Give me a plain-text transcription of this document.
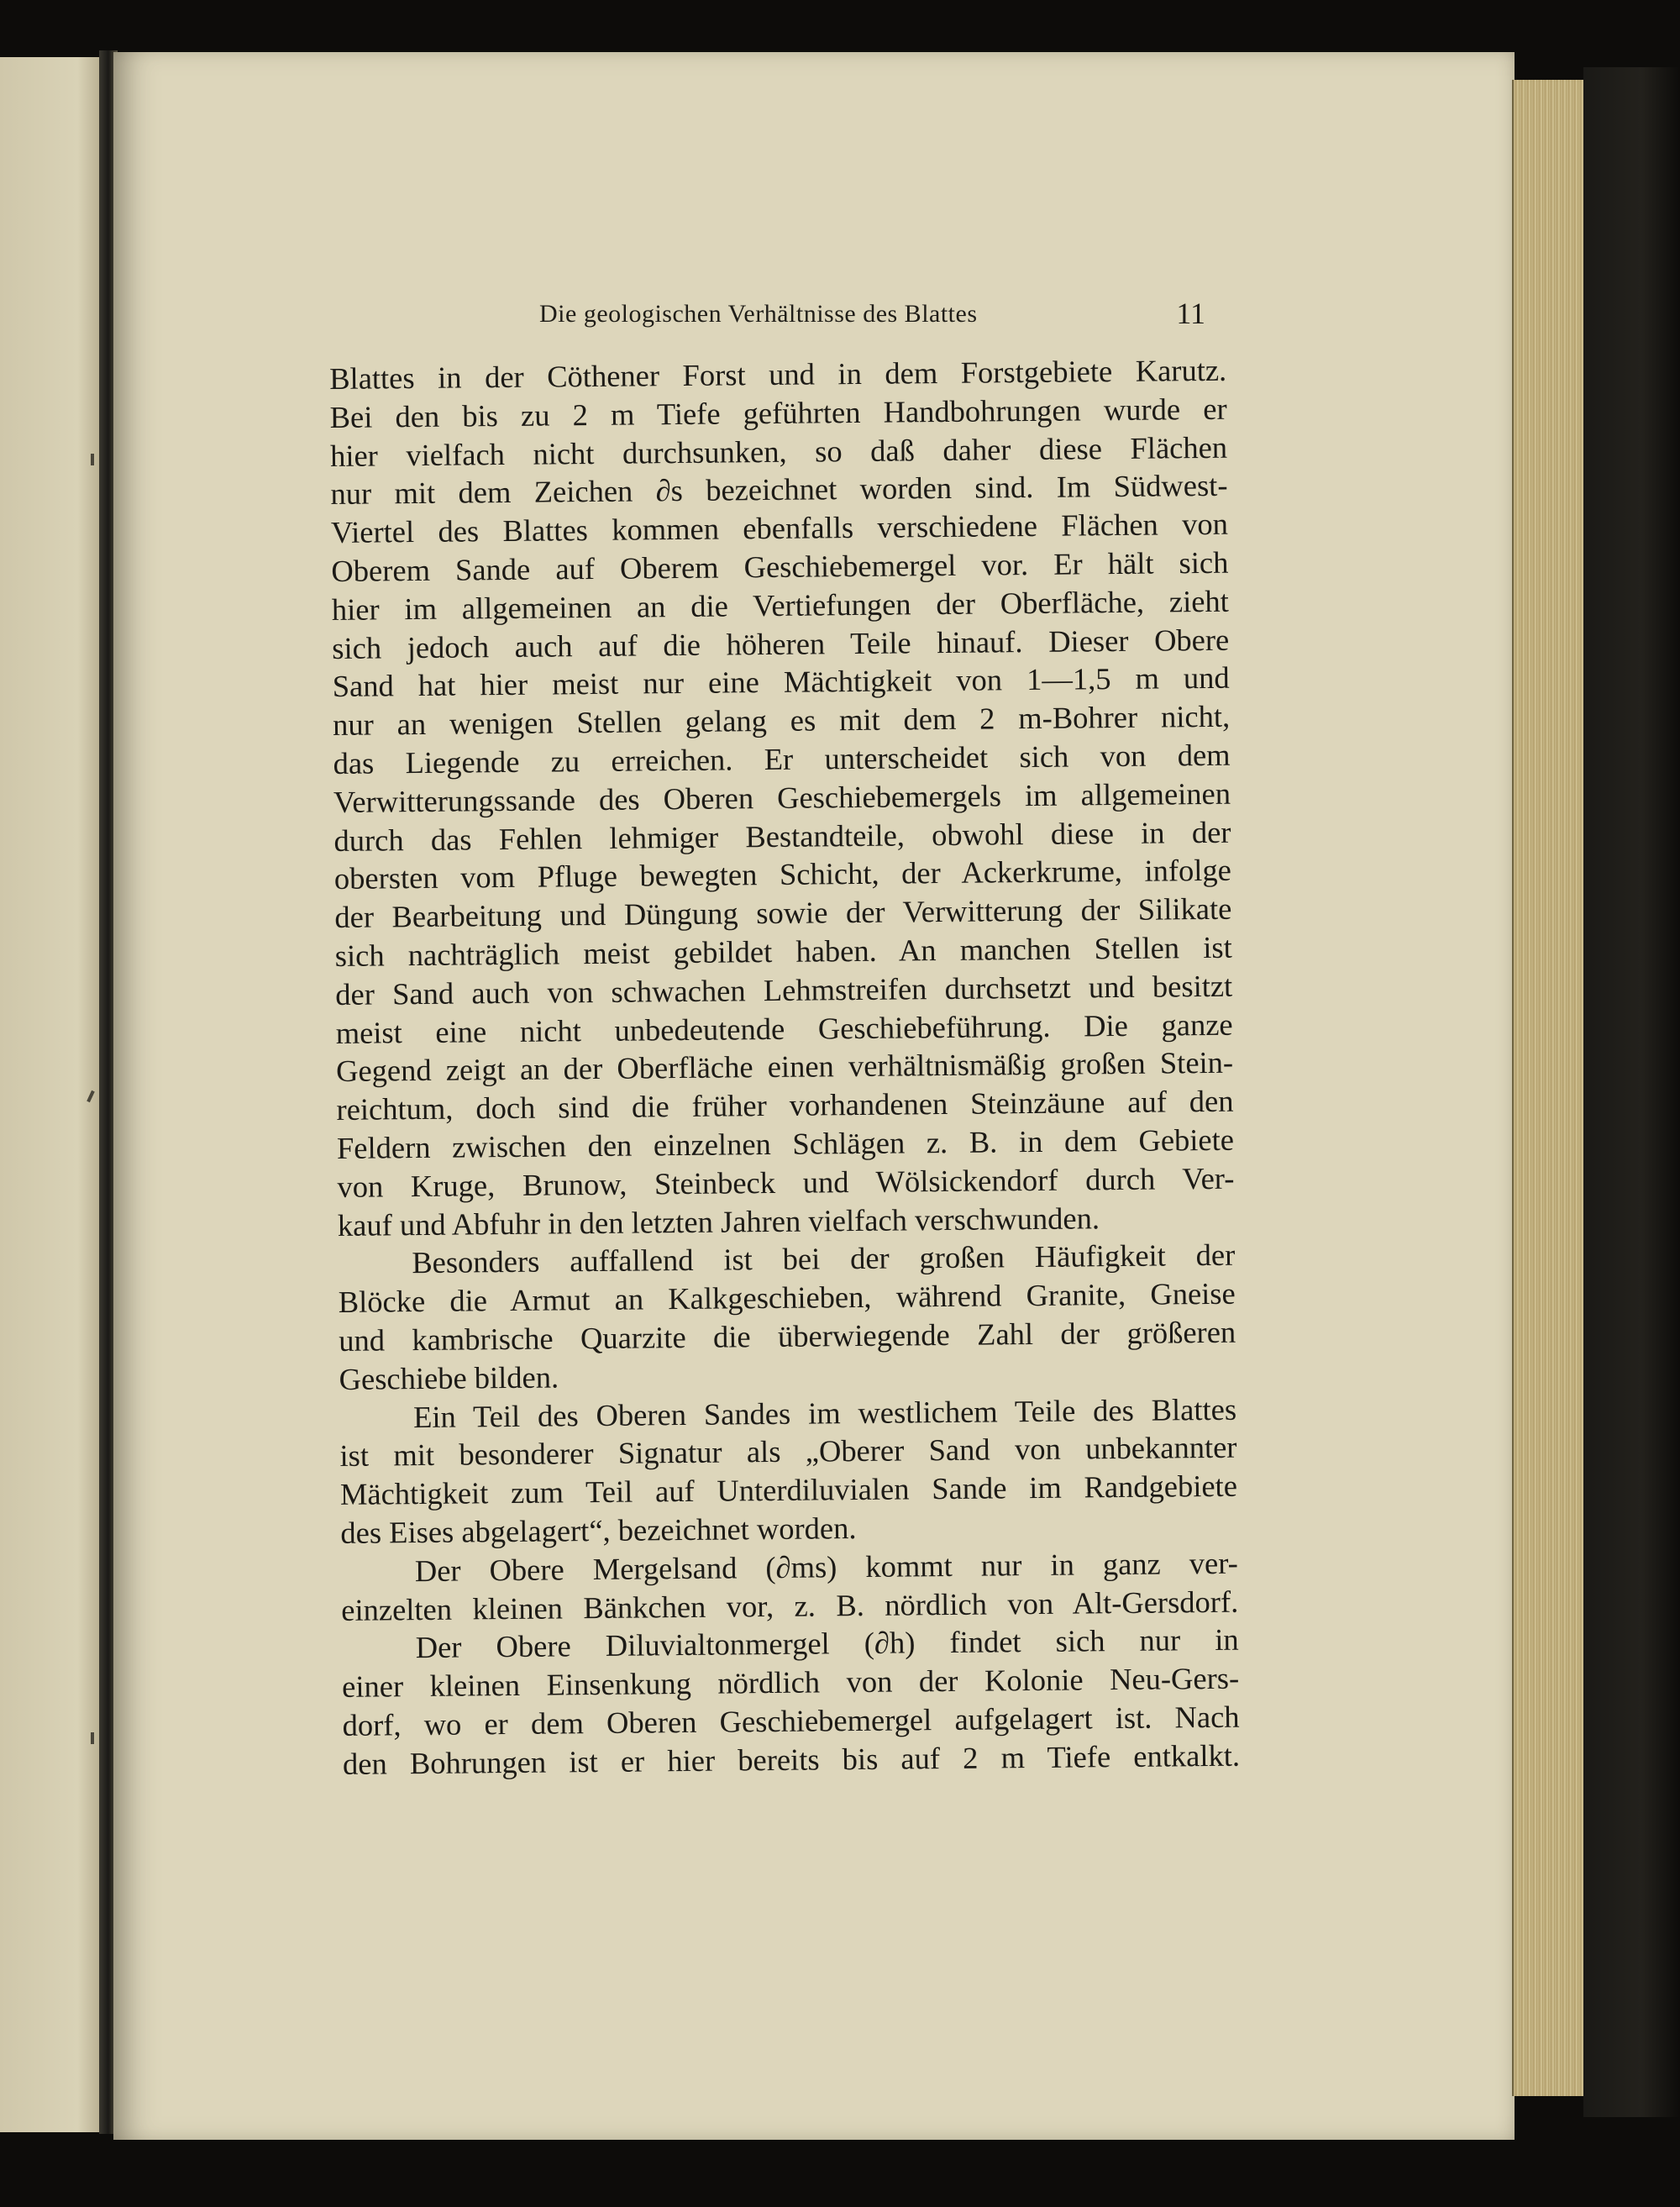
Die geologischen Verhältnisse des Blattes	11
Blattes in der Cöthener Forst und in dem Forstgebiete Karutz.
Bei den bis zu 2 m Tiefe geführten Handbohrungen wurde er
hier vielfach nicht durchsunken, so daß daher diese Flächen
nur mit dem Zeichen ∂s bezeichnet worden sind. Im Südwest-
Viertel des Blattes kommen ebenfalls verschiedene Flächen von
Oberem Sande auf Oberem Geschiebemergel vor. Er hält sich
hier im allgemeinen an die Vertiefungen der Oberfläche, zieht
sich jedoch auch auf die höheren Teile hinauf. Dieser Obere
Sand hat hier meist nur eine Mächtigkeit von 1—1,5 m und
nur an wenigen Stellen gelang es mit dem 2 m-Bohrer nicht,
das Liegende zu erreichen. Er unterscheidet sich von dem
Verwitterungssande des Oberen Geschiebemergels im allgemeinen
durch das Fehlen lehmiger Bestandteile, obwohl diese in der
obersten vom Pfluge bewegten Schicht, der Ackerkrume, infolge
der Bearbeitung und Düngung sowie der Verwitterung der Silikate
sich nachträglich meist gebildet haben. An manchen Stellen ist
der Sand auch von schwachen Lehmstreifen durchsetzt und besitzt
meist eine nicht unbedeutende Geschiebeführung. Die ganze
Gegend zeigt an der Oberfläche einen verhältnismäßig großen Stein-
reichtum, doch sind die früher vorhandenen Steinzäune auf den
Feldern zwischen den einzelnen Schlägen z. B. in dem Gebiete
von Kruge, Brunow, Steinbeck und Wölsickendorf durch Ver-
kauf und Abfuhr in den letzten Jahren vielfach verschwunden.
Besonders auffallend ist bei der großen Häufigkeit der
Blöcke die Armut an Kalkgeschieben, während Granite, Gneise
und kambrische Quarzite die überwiegende Zahl der größeren
Geschiebe bilden.
Ein Teil des Oberen Sandes im westlichem Teile des Blattes
ist mit besonderer Signatur als „Oberer Sand von unbekannter
Mächtigkeit zum Teil auf Unterdiluvialen Sande im Randgebiete
des Eises abgelagert“, bezeichnet worden.
Der Obere Mergelsand (∂ms) kommt nur in ganz ver-
einzelten kleinen Bänkchen vor, z. B. nördlich von Alt-Gersdorf.
Der Obere Diluvialtonmergel (∂h) findet sich nur in
einer kleinen Einsenkung nördlich von der Kolonie Neu-Gers-
dorf, wo er dem Oberen Geschiebemergel aufgelagert ist. Nach
den Bohrungen ist er hier bereits bis auf 2 m Tiefe entkalkt.
